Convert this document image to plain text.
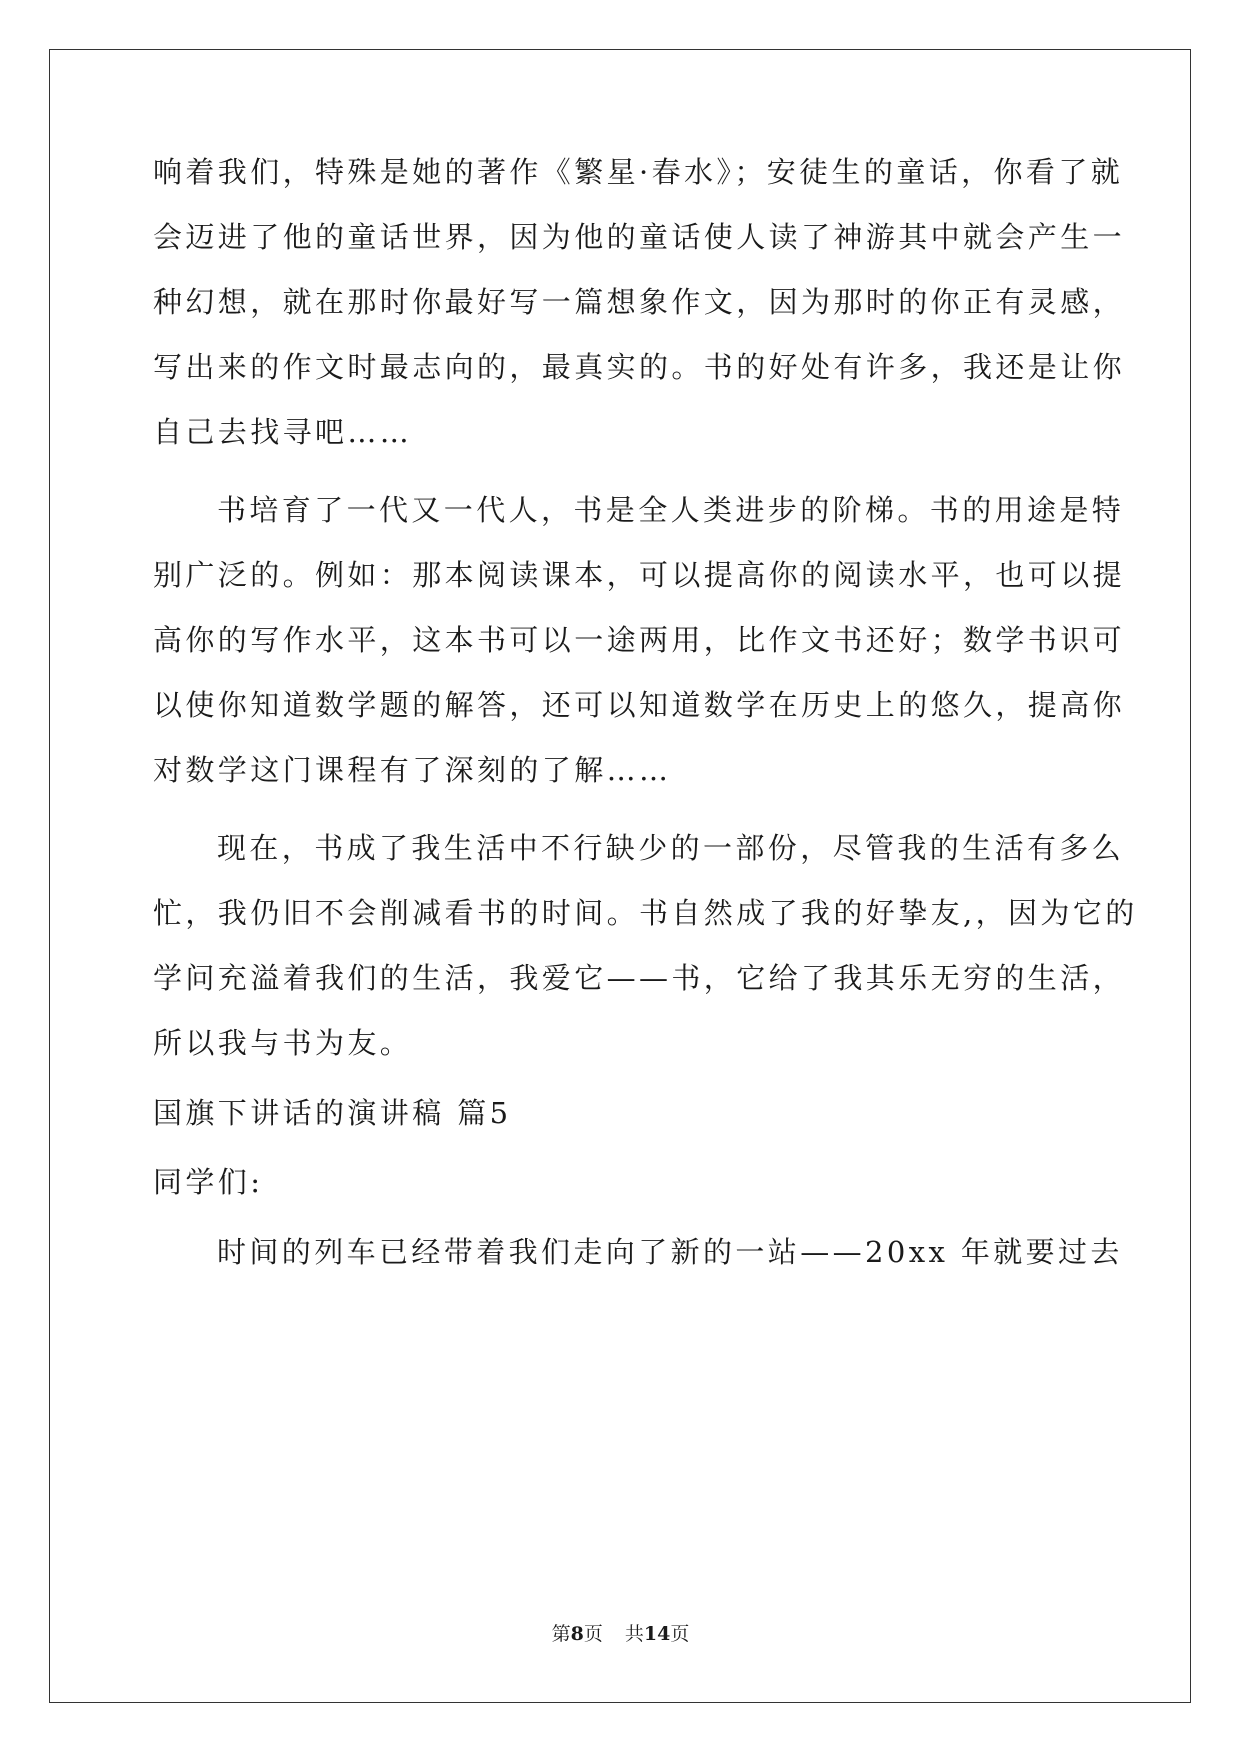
响着我们，特殊是她的著作《繁星·春水》；安徒生的童话，你看了就
会迈进了他的童话世界，因为他的童话使人读了神游其中就会产生一
种幻想，就在那时你最好写一篇想象作文，因为那时的你正有灵感，
写出来的作文时最志向的，最真实的。书的好处有许多，我还是让你
自己去找寻吧……
书培育了一代又一代人，书是全人类进步的阶梯。书的用途是特
别广泛的。例如：那本阅读课本，可以提高你的阅读水平，也可以提
高你的写作水平，这本书可以一途两用，比作文书还好；数学书识可
以使你知道数学题的解答，还可以知道数学在历史上的悠久，提高你
对数学这门课程有了深刻的了解……
现在，书成了我生活中不行缺少的一部份，尽管我的生活有多么
忙，我仍旧不会削减看书的时间。书自然成了我的好挚友,，因为它的
学问充溢着我们的生活，我爱它——书，它给了我其乐无穷的生活，
所以我与书为友。
国旗下讲话的演讲稿 篇5
同学们:
时间的列车已经带着我们走向了新的一站——20xx 年就要过去
第8页 共14页
